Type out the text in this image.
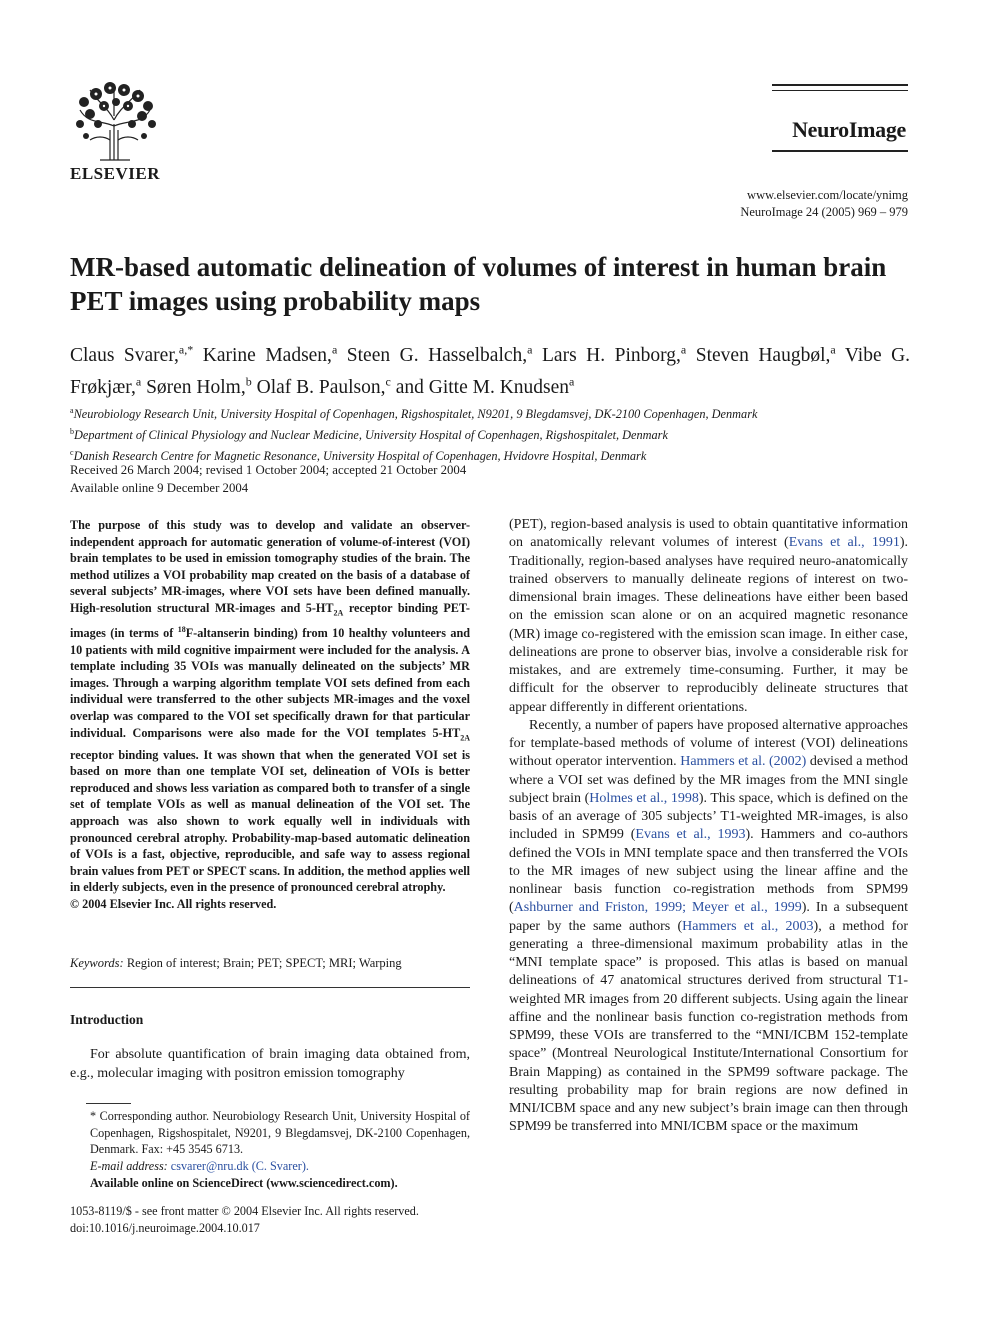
ELSEVIER
NeuroImage
www.elsevier.com/locate/ynimg
NeuroImage 24 (2005) 969 – 979
MR-based automatic delineation of volumes of interest in human brain PET images using probability maps
Claus Svarer,$^{a,*}$ Karine Madsen,$^a$ Steen G. Hasselbalch,$^a$ Lars H. Pinborg,$^a$ Steven Haugbøl,$^a$ Vibe G. Frøkjær,$^a$ Søren Holm,$^b$ Olaf B. Paulson,$^c$ and Gitte M. Knudsen$^a$
$^a$Neurobiology Research Unit, University Hospital of Copenhagen, Rigshospitalet, N9201, 9 Blegdamsvej, DK-2100 Copenhagen, Denmark
$^b$Department of Clinical Physiology and Nuclear Medicine, University Hospital of Copenhagen, Rigshospitalet, Denmark
$^c$Danish Research Centre for Magnetic Resonance, University Hospital of Copenhagen, Hvidovre Hospital, Denmark
Received 26 March 2004; revised 1 October 2004; accepted 21 October 2004
Available online 9 December 2004
The purpose of this study was to develop and validate an observer-independent approach for automatic generation of volume-of-interest (VOI) brain templates to be used in emission tomography studies of the brain. The method utilizes a VOI probability map created on the basis of a database of several subjects’ MR-images, where VOI sets have been defined manually. High-resolution structural MR-images and $5-HT_{2A}$ receptor binding PET-images (in terms of $^{18}$F-altanserin binding) from 10 healthy volunteers and 10 patients with mild cognitive impairment were included for the analysis. A template including 35 VOIs was manually delineated on the subjects’ MR images. Through a warping algorithm template VOI sets defined from each individual were transferred to the other subjects MR-images and the voxel overlap was compared to the VOI set specifically drawn for that particular individual. Comparisons were also made for the VOI templates $5-HT_{2A}$ receptor binding values. It was shown that when the generated VOI set is based on more than one template VOI set, delineation of VOIs is better reproduced and shows less variation as compared both to transfer of a single set of template VOIs as well as manual delineation of the VOI set. The approach was also shown to work equally well in individuals with pronounced cerebral atrophy. Probability-map-based automatic delineation of VOIs is a fast, objective, reproducible, and safe way to assess regional brain values from PET or SPECT scans. In addition, the method applies well in elderly subjects, even in the presence of pronounced cerebral atrophy.
© 2004 Elsevier Inc. All rights reserved.
Keywords: Region of interest; Brain; PET; SPECT; MRI; Warping
Introduction
For absolute quantification of brain imaging data obtained from, e.g., molecular imaging with positron emission tomography
* Corresponding author. Neurobiology Research Unit, University Hospital of Copenhagen, Rigshospitalet, N9201, 9 Blegdamsvej, DK-2100 Copenhagen, Denmark. Fax: +45 3545 6713.
E-mail address: csvarer@nru.dk (C. Svarer).
Available online on ScienceDirect (www.sciencedirect.com).
1053-8119/$ - see front matter © 2004 Elsevier Inc. All rights reserved.
doi:10.1016/j.neuroimage.2004.10.017

(PET), region-based analysis is used to obtain quantitative information on anatomically relevant volumes of interest (Evans et al., 1991). Traditionally, region-based analyses have required neuro-anatomically trained observers to manually delineate regions of interest on two-dimensional brain images. These delineations have either been based on the emission scan alone or on an acquired magnetic resonance (MR) image co-registered with the emission scan image. In either case, delineations are prone to observer bias, involve a considerable risk for mistakes, and are extremely time-consuming. Further, it may be difficult for the observer to reproducibly delineate structures that appear differently in different orientations.

Recently, a number of papers have proposed alternative approaches for template-based methods of volume of interest (VOI) delineations without operator intervention. Hammers et al. (2002) devised a method where a VOI set was defined by the MR images from the MNI single subject brain (Holmes et al., 1998). This space, which is defined on the basis of an average of 305 subjects’ T1-weighted MR-images, is also included in SPM99 (Evans et al., 1993). Hammers and co-authors defined the VOIs in MNI template space and then transferred the VOIs to the MR images of new subject using the linear affine and the nonlinear basis function co-registration methods from SPM99 (Ashburner and Friston, 1999; Meyer et al., 1999). In a subsequent paper by the same authors (Hammers et al., 2003), a method for generating a three-dimensional maximum probability atlas in the “MNI template space” is proposed. This atlas is based on manual delineations of 47 anatomical structures derived from structural T1-weighted MR images from 20 different subjects. Using again the linear affine and the nonlinear basis function co-registration methods from SPM99, these VOIs are transferred to the “MNI/ICBM 152-template space” (Montreal Neurological Institute/International Consortium for Brain Mapping) as contained in the SPM99 software package. The resulting probability map for brain regions are now defined in MNI/ICBM space and any new subject’s brain image can then through SPM99 be transferred into MNI/ICBM space or the maximum
